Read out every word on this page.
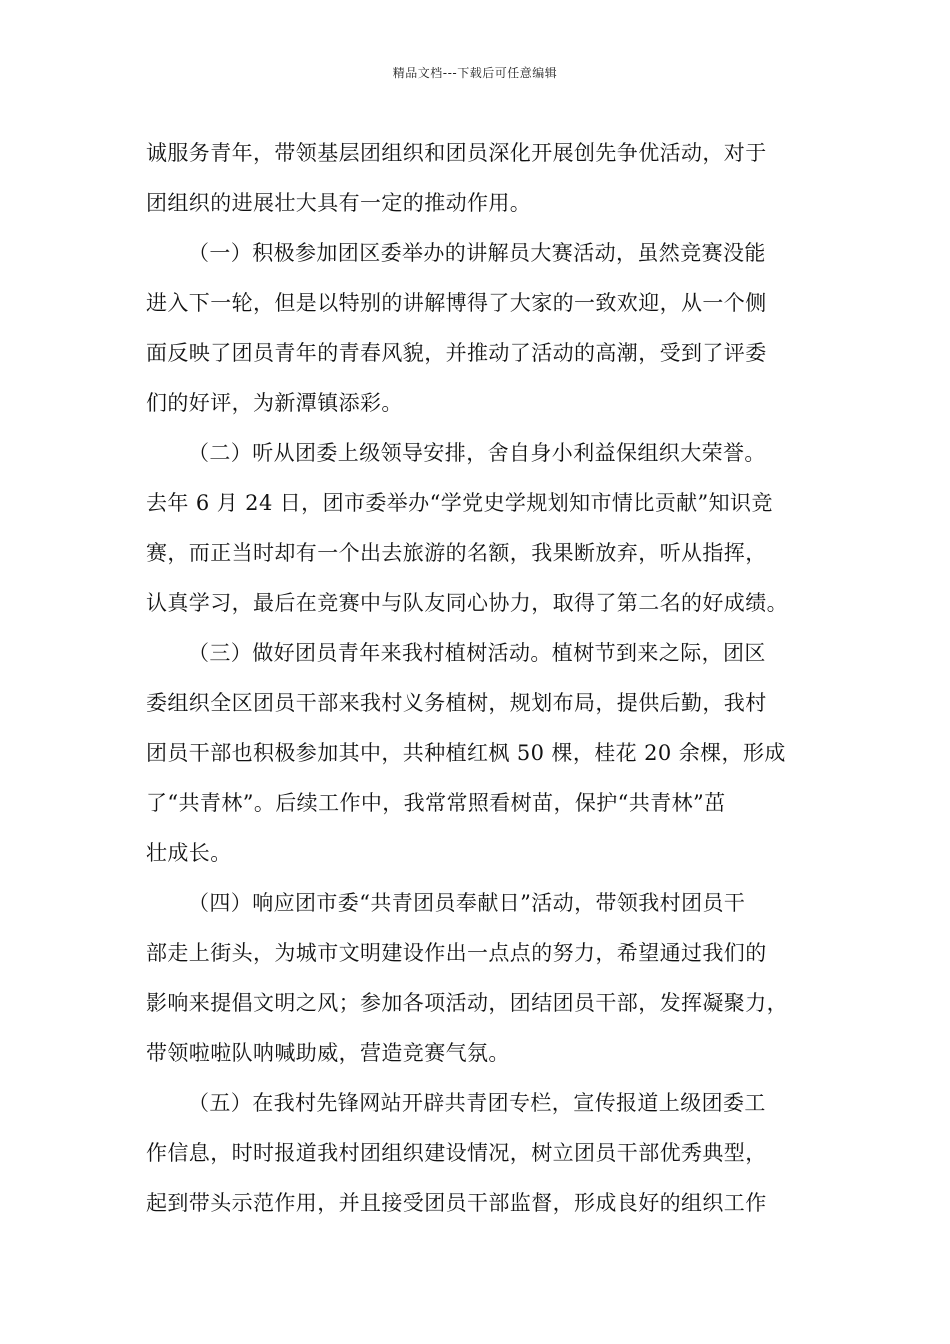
精品文档---下载后可任意编辑
诚服务青年，带领基层团组织和团员深化开展创先争优活动，对于
团组织的进展壮大具有一定的推动作用。
（一）积极参加团区委举办的讲解员大赛活动，虽然竞赛没能
进入下一轮，但是以特别的讲解博得了大家的一致欢迎，从一个侧
面反映了团员青年的青春风貌，并推动了活动的高潮，受到了评委
们的好评，为新潭镇添彩。
（二）听从团委上级领导安排，舍自身小利益保组织大荣誉。
去年 6 月 24 日，团市委举办“学党史学规划知市情比贡献”知识竞
赛，而正当时却有一个出去旅游的名额，我果断放弃，听从指挥，
认真学习，最后在竞赛中与队友同心协力，取得了第二名的好成绩。
（三）做好团员青年来我村植树活动。植树节到来之际，团区
委组织全区团员干部来我村义务植树，规划布局，提供后勤，我村
团员干部也积极参加其中，共种植红枫 50 棵，桂花 20 余棵，形成
了“共青林”。后续工作中，我常常照看树苗，保护“共青林”茁
壮成长。
（四）响应团市委“共青团员奉献日”活动，带领我村团员干
部走上街头，为城市文明建设作出一点点的努力，希望通过我们的
影响来提倡文明之风；参加各项活动，团结团员干部，发挥凝聚力，
带领啦啦队呐喊助威，营造竞赛气氛。
（五）在我村先锋网站开辟共青团专栏，宣传报道上级团委工
作信息，时时报道我村团组织建设情况，树立团员干部优秀典型，
起到带头示范作用，并且接受团员干部监督，形成良好的组织工作
